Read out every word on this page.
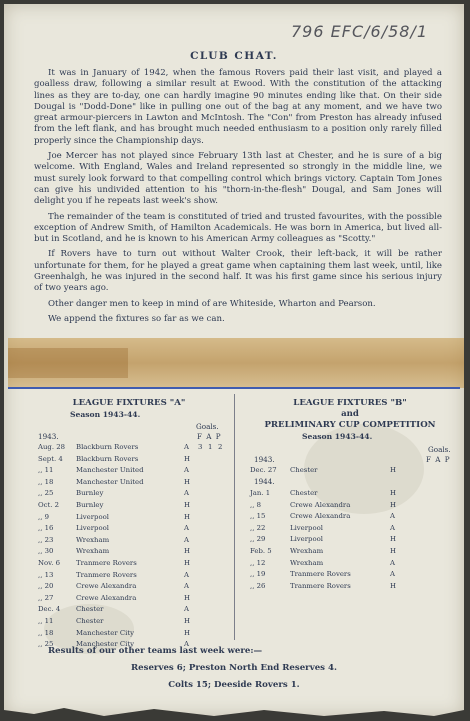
796 EFC/6/58/1
CLUB CHAT.

It was in January of 1942, when the famous Rovers paid their last visit, and played a goalless draw, following a similar result at Ewood. With the constitution of the attacking lines as they are to-day, one can hardly imagine 90 minutes ending like that. On their side Dougal is "Dodd-Done" like in pulling one out of the bag at any moment, and we have two great armour-piercers in Lawton and McIntosh. The "Con" from Preston has already infused from the left flank, and has brought much needed enthusiasm to a position only rarely filled properly since the Championship days.

Joe Mercer has not played since February 13th last at Chester, and he is sure of a big welcome. With England, Wales and Ireland represented so strongly in the middle line, we must surely look forward to that compelling control which brings victory. Captain Tom Jones can give his undivided attention to his "thorn-in-the-flesh" Dougal, and Sam Jones will delight you if he repeats last week's show.

The remainder of the team is constituted of tried and trusted favourites, with the possible exception of Andrew Smith, of Hamilton Academicals. He was born in America, but lived all-but in Scotland, and he is known to his American Army colleagues as "Scotty."

If Rovers have to turn out without Walter Crook, their left-back, it will be rather unfortunate for them, for he played a great game when captaining them last week, until, like Greenhalgh, he was injured in the second half. It was his first game since his serious injury of two years ago.

Other danger men to keep in mind of are Whiteside, Wharton and Pearson.

We append the fixtures so far as we can.

LEAGUE FIXTURES "A"
Season 1943-44.
Goals.
1943.	F A P
Aug. 28 Blackburn Rovers	A 3 1 2
Sept. 4 Blackburn Rovers	H
,, 11	Manchester United	A
,, 18	Manchester United	H
,, 25	Burnley	A
Oct. 2 Burnley	H
,, 9	Liverpool	H
,, 16	Liverpool	A
,, 23	Wrexham	A
,, 30	Wrexham	H
Nov. 6 Tranmere Rovers	H
,, 13	Tranmere Rovers	A
,, 20	Crewe Alexandra	A
,, 27	Crewe Alexandra	H
Dec. 4 Chester	A
,, 11	Chester	H
,, 18	Manchester City	H
,, 25	Manchester City	A
LEAGUE FIXTURES "B"
and
PRELIMINARY CUP COMPETITION
Season 1943-44.
Goals.
1943.	F A P
1944.
Dec. 27 Chester	H
Jan. 1	Chester	H
,, 8	Crewe Alexandra	H
,, 15	Crewe Alexandra	A
,, 22	Liverpool	A
,, 29	Liverpool	H
Feb. 5	Wrexham	H
,, 12	Wrexham	A
,, 19	Tranmere Rovers	A
,, 26	Tranmere Rovers	H
Results of our other teams last week were:—
Reserves 6; Preston North End Reserves 4.
Colts 15; Deeside Rovers 1.
